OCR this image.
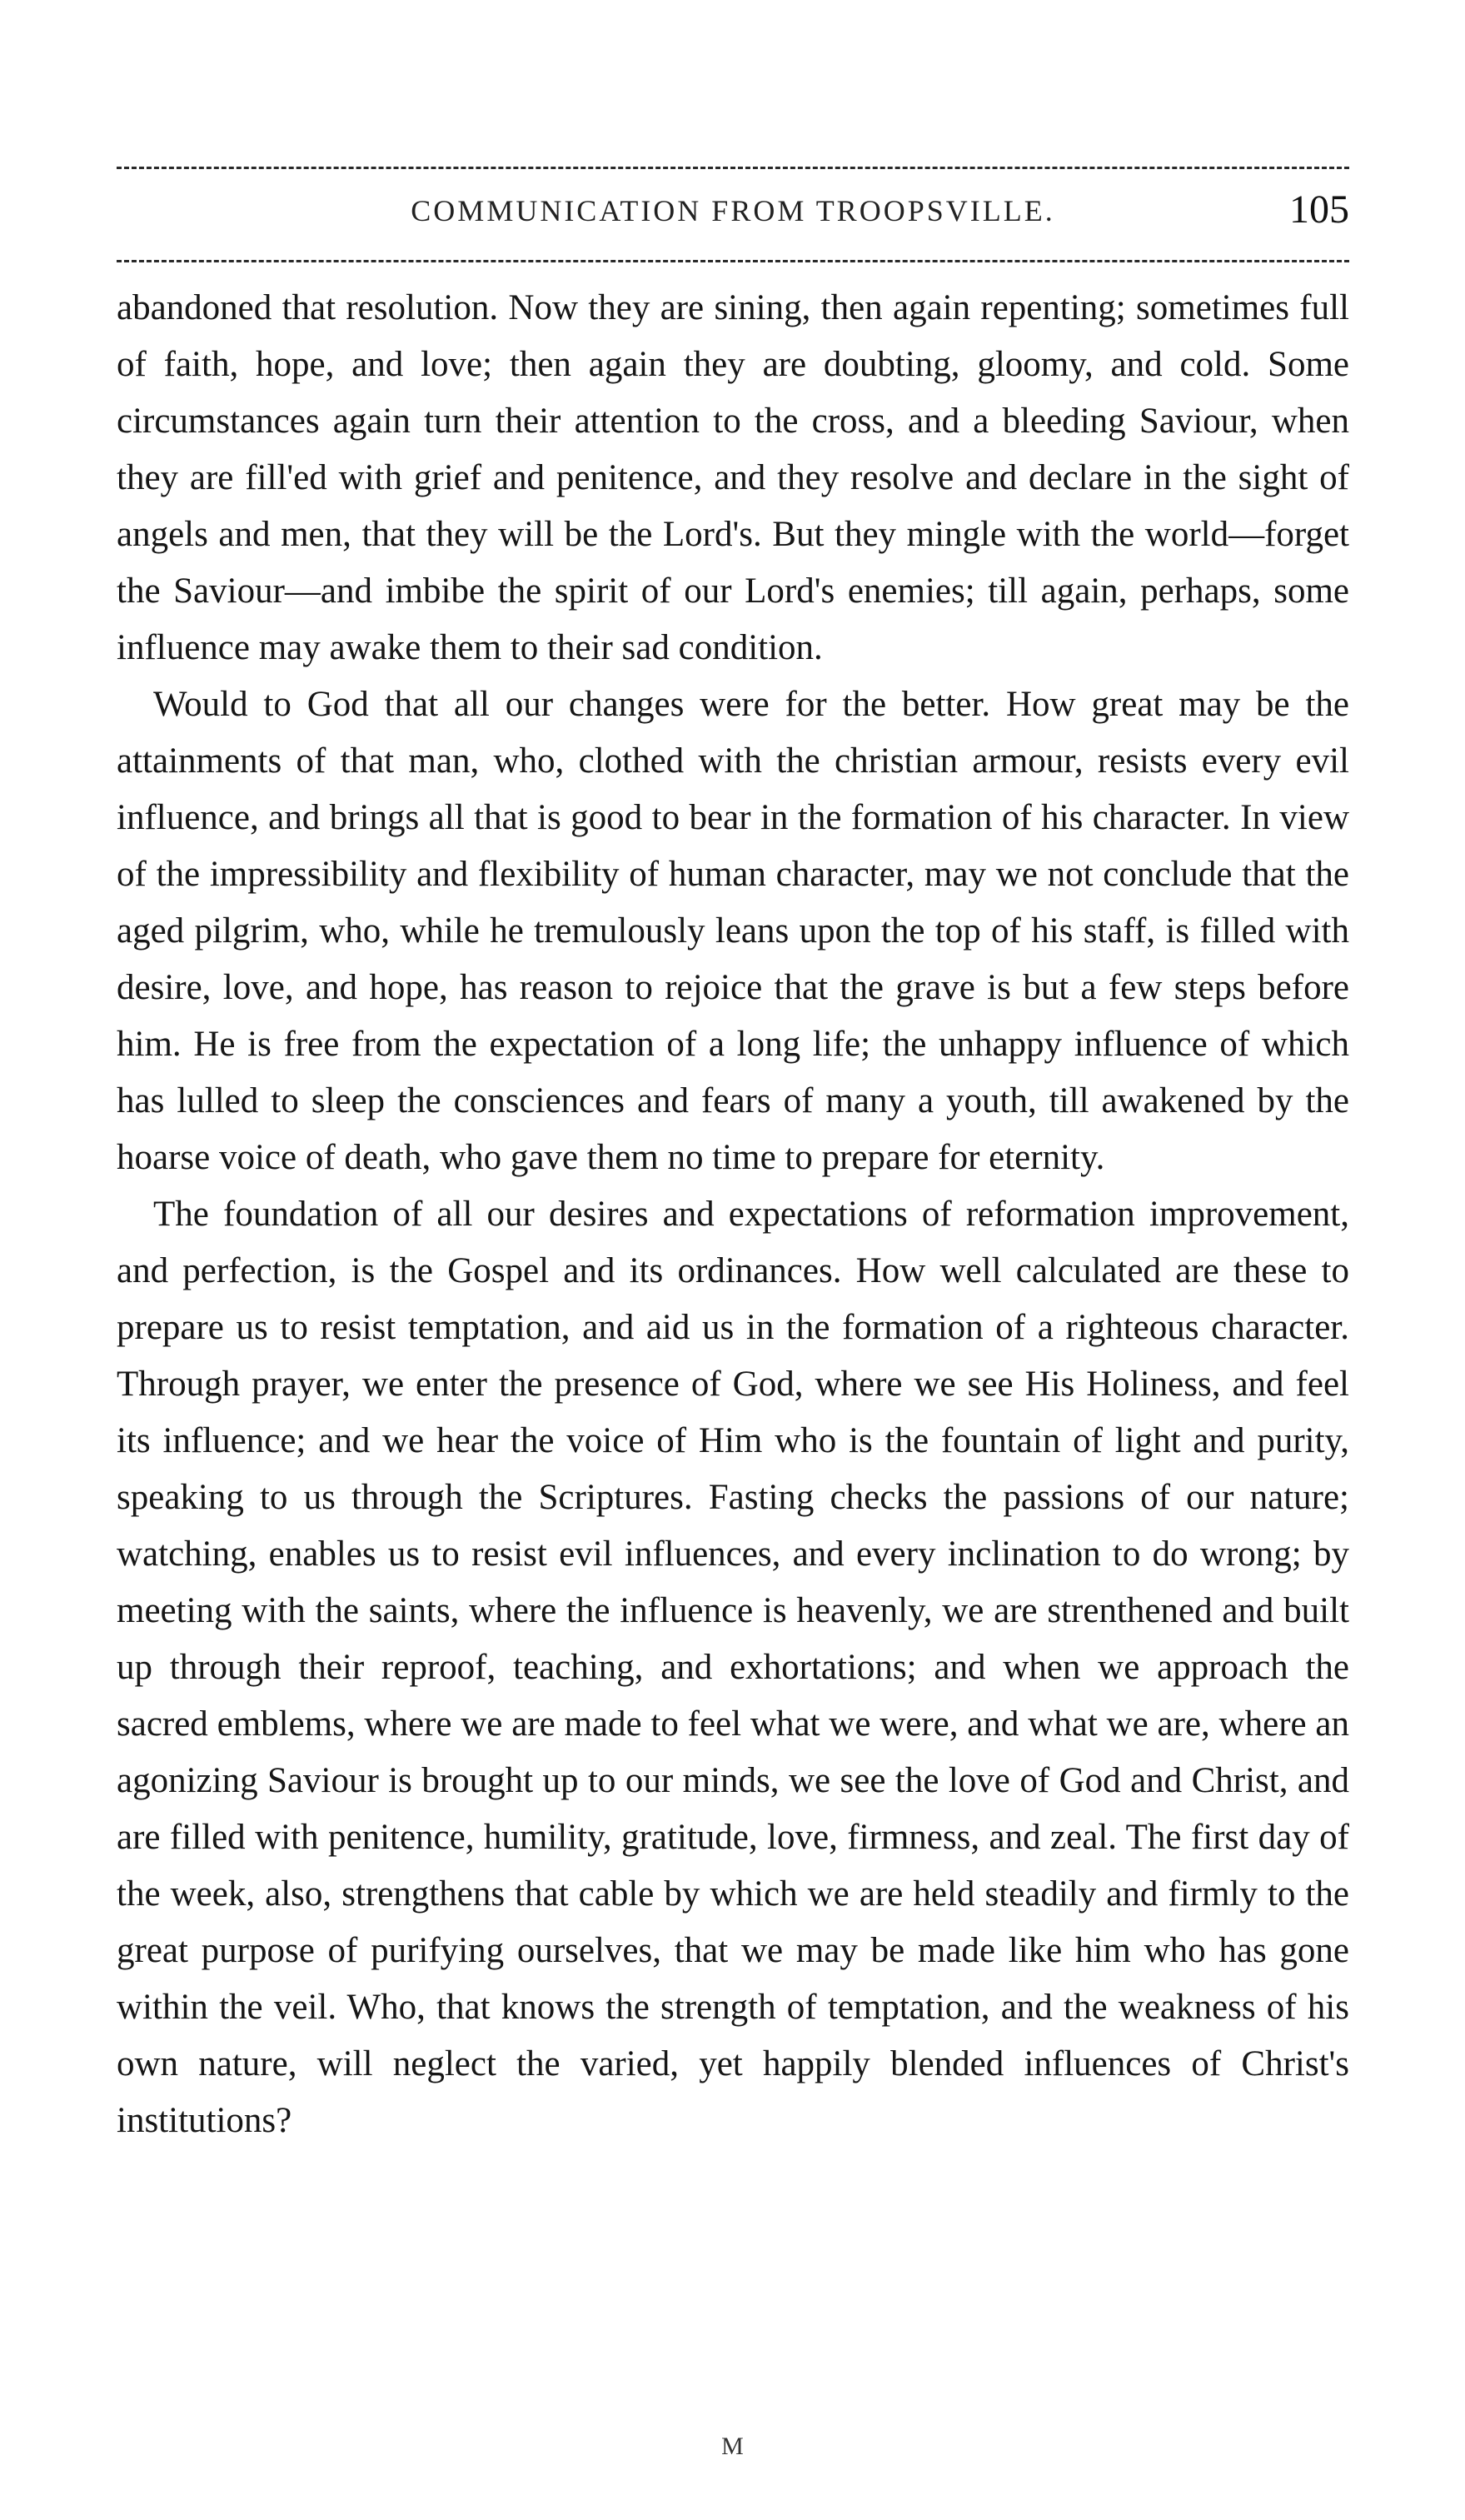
COMMUNICATION FROM TROOPSVILLE.	105

abandoned that resolution. Now they are sining, then again repenting; sometimes full of faith, hope, and love; then again they are doubting, gloomy, and cold. Some circumstances again turn their attention to the cross, and a bleeding Saviour, when they are fill'ed with grief and penitence, and they resolve and declare in the sight of angels and men, that they will be the Lord's. But they mingle with the world—forget the Saviour—and imbibe the spirit of our Lord's enemies; till again, perhaps, some influence may awake them to their sad condition.

Would to God that all our changes were for the better. How great may be the attainments of that man, who, clothed with the christian armour, resists every evil influence, and brings all that is good to bear in the formation of his character. In view of the impressibility and flexibility of human character, may we not conclude that the aged pilgrim, who, while he tremulously leans upon the top of his staff, is filled with desire, love, and hope, has reason to rejoice that the grave is but a few steps before him. He is free from the expectation of a long life; the unhappy influence of which has lulled to sleep the consciences and fears of many a youth, till awakened by the hoarse voice of death, who gave them no time to prepare for eternity.

The foundation of all our desires and expectations of reformation improvement, and perfection, is the Gospel and its ordinances. How well calculated are these to prepare us to resist temptation, and aid us in the formation of a righteous character. Through prayer, we enter the presence of God, where we see His Holiness, and feel its influence; and we hear the voice of Him who is the fountain of light and purity, speaking to us through the Scriptures. Fasting checks the passions of our nature; watching, enables us to resist evil influences, and every inclination to do wrong; by meeting with the saints, where the influence is heavenly, we are strenthened and built up through their reproof, teaching, and exhortations; and when we approach the sacred emblems, where we are made to feel what we were, and what we are, where an agonizing Saviour is brought up to our minds, we see the love of God and Christ, and are filled with penitence, humility, gratitude, love, firmness, and zeal. The first day of the week, also, strengthens that cable by which we are held steadily and firmly to the great purpose of purifying ourselves, that we may be made like him who has gone within the veil. Who, that knows the strength of temptation, and the weakness of his own nature, will neglect the varied, yet happily blended influences of Christ's institutions?

M
